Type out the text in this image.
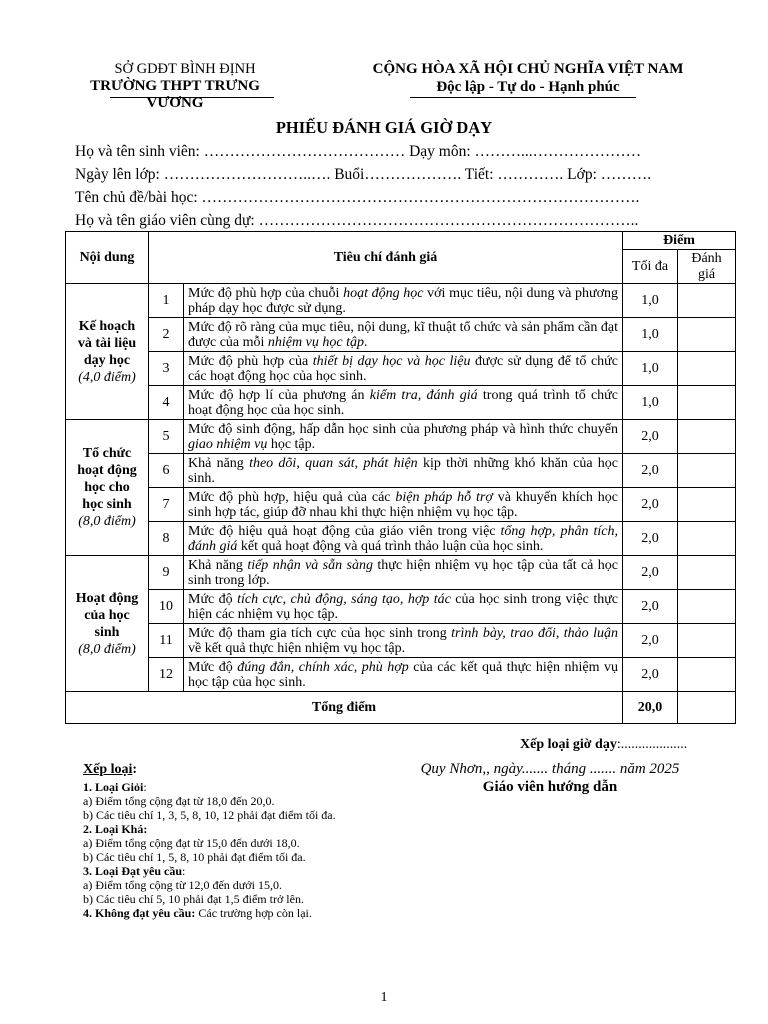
SỞ GDĐT BÌNH ĐỊNH
TRƯỜNG THPT TRƯNG VƯƠNG
CỘNG HÒA XÃ HỘI CHỦ NGHĨA VIỆT NAM
Độc lập - Tự do - Hạnh phúc
PHIẾU ĐÁNH GIÁ GIỜ DẠY
Họ và tên sinh viên: ………………………………… Dạy môn: ………...…………………
Ngày lên lớp: ………………………..…. Buổi………………. Tiết: …………. Lớp: ……….
Tên chủ đề/bài học: ………………………………………………………………………….
Họ và tên giáo viên cùng dự: ………………………………………………………………..
Nội dung	Tiêu chí đánh giá		Điểm	
			Tối đa	Đánh giá

Kế hoạch
và tài liệu
dạy học
(4,0 điểm)	1	Mức độ phù hợp của chuỗi hoạt động học với mục tiêu, nội dung và phương pháp dạy học được sử dụng.	1,0	
	2	Mức độ rõ ràng của mục tiêu, nội dung, kĩ thuật tổ chức và sản phẩm cần đạt được của mỗi nhiệm vụ học tập.	1,0	
	3	Mức độ phù hợp của thiết bị dạy học và học liệu được sử dụng để tổ chức các hoạt động học của học sinh.	1,0	
	4	Mức độ hợp lí của phương án kiểm tra, đánh giá trong quá trình tổ chức hoạt động học của học sinh.	1,0	

Tổ chức
hoạt động
học cho
học sinh
(8,0 điểm)	5	Mức độ sinh động, hấp dẫn học sinh của phương pháp và hình thức chuyển giao nhiệm vụ học tập.	2,0	
	6	Khả năng theo dõi, quan sát, phát hiện kịp thời những khó khăn của học sinh.	2,0	
	7	Mức độ phù hợp, hiệu quả của các biện pháp hỗ trợ và khuyến khích học sinh hợp tác, giúp đỡ nhau khi thực hiện nhiệm vụ học tập.	2,0	
	8	Mức độ hiệu quả hoạt động của giáo viên trong việc tổng hợp, phân tích, đánh giá kết quả hoạt động và quá trình thảo luận của học sinh.	2,0	

Hoạt động
của học
sinh
(8,0 điểm)	9	Khả năng tiếp nhận và sẵn sàng thực hiện nhiệm vụ học tập của tất cả học sinh trong lớp.	2,0	
	10	Mức độ tích cực, chủ động, sáng tạo, hợp tác của học sinh trong việc thực hiện các nhiệm vụ học tập.	2,0	
	11	Mức độ tham gia tích cực của học sinh trong trình bày, trao đổi, thảo luận về kết quả thực hiện nhiệm vụ học tập.	2,0	
	12	Mức độ đúng đắn, chính xác, phù hợp của các kết quả thực hiện nhiệm vụ học tập của học sinh.	2,0	
Tổng điểm			20,0	
Xếp loại giờ dạy:...................
Xếp loại:
1. Loại Giỏi:
a) Điểm tổng cộng đạt từ 18,0 đến 20,0.
b) Các tiêu chí 1, 3, 5, 8, 10, 12 phải đạt điểm tối đa.
2. Loại Khá:
a) Điểm tổng cộng đạt từ 15,0 đến dưới 18,0.
b) Các tiêu chí 1, 5, 8, 10 phải đạt điểm tối đa.
3. Loại Đạt yêu cầu:
a) Điểm tổng cộng từ 12,0 đến dưới 15,0.
b) Các tiêu chí 5, 10 phải đạt 1,5 điểm trở lên.
4. Không đạt yêu cầu: Các trường hợp còn lại.
Quy Nhơn,, ngày....... tháng ....... năm 2025
Giáo viên hướng dẫn
1
